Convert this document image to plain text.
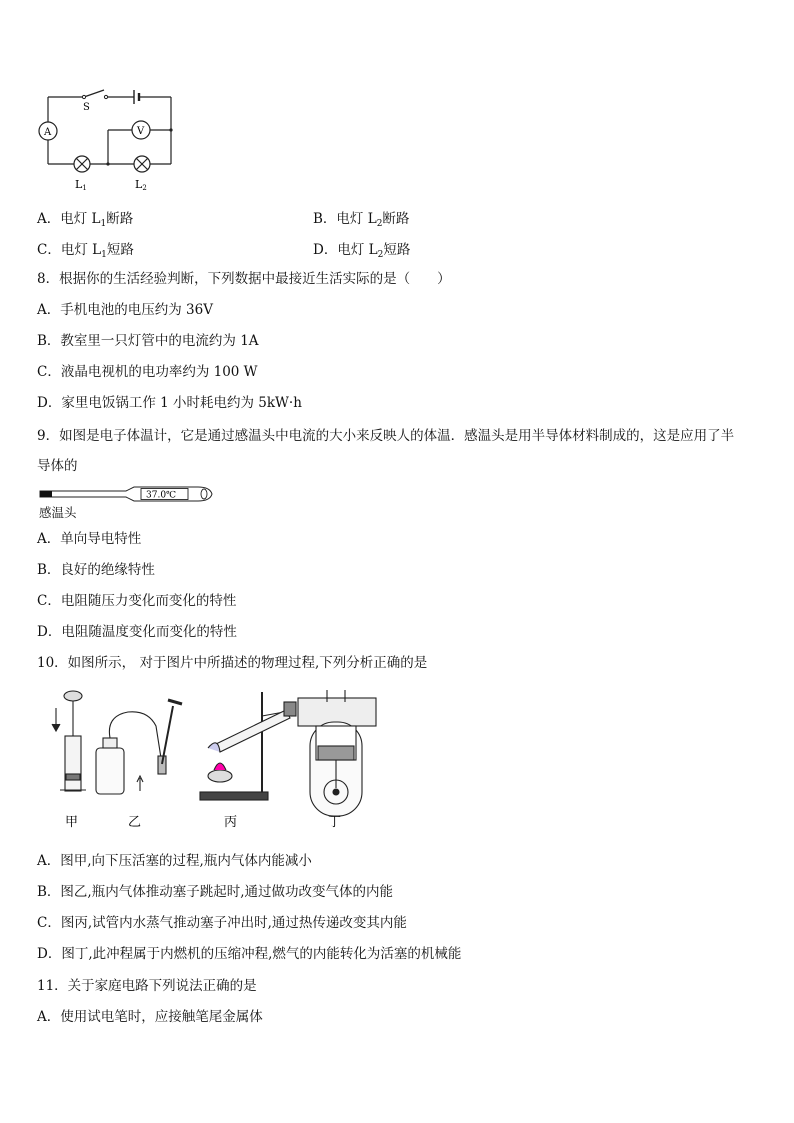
S
A	V
L1	L2
A．电灯 $L_1$断路	B．电灯 $L_2$断路
C．电灯 $L_1$短路	D．电灯 $L_2$短路
8．根据你的生活经验判断，下列数据中最接近生活实际的是（　　）
A．手机电池的电压约为 36V
B．教室里一只灯管中的电流约为 1A
C．液晶电视机的电功率约为 100 W
D．家里电饭锅工作 1 小时耗电约为 5kW·h
9．如图是电子体温计，它是通过感温头中电流的大小来反映人的体温．感温头是用半导体材料制成的，这是应用了半
导体的
37.0℃
感温头
A．单向导电特性
B．良好的绝缘特性
C．电阻随压力变化而变化的特性
D．电阻随温度变化而变化的特性
10．如图所示， 对于图片中所描述的物理过程,下列分析正确的是
甲	乙	丙	丁
A．图甲,向下压活塞的过程,瓶内气体内能减小
B．图乙,瓶内气体推动塞子跳起时,通过做功改变气体的内能
C．图丙,试管内水蒸气推动塞子冲出时,通过热传递改变其内能
D．图丁,此冲程属于内燃机的压缩冲程,燃气的内能转化为活塞的机械能
11．关于家庭电路下列说法正确的是
A．使用试电笔时，应接触笔尾金属体
